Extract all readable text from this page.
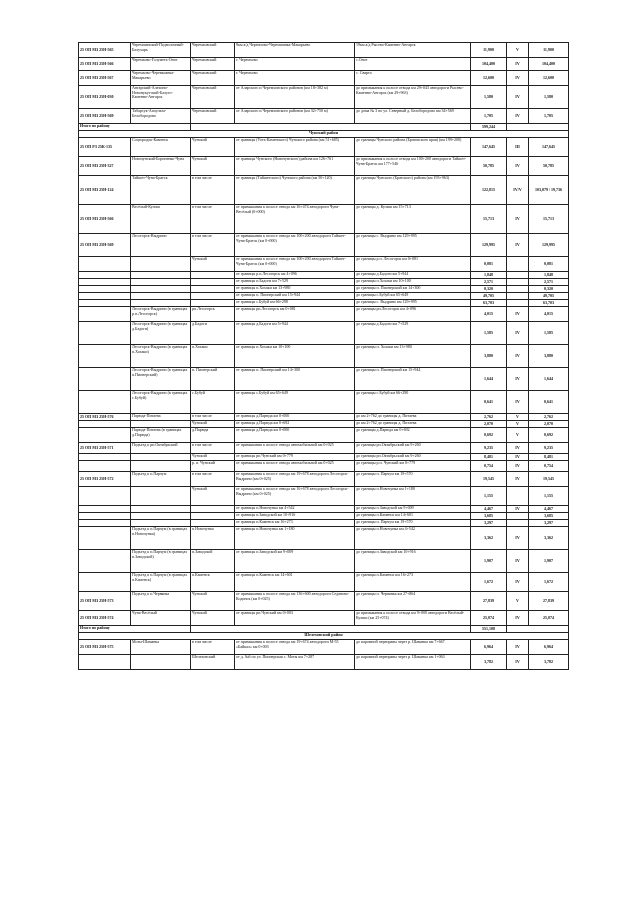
25 ОП МЗ 25Н-565	Черемшанский-Подволочный-Балухарь	Черемховский	9км а/д Черемхово-Черемшанка-Макарьево	19км а/д Рысево-Каменно-Ангарск	11,900	V	11,900
25 ОП МЗ 25Н-566	Черемхово-Голуметь-Онот	Черемховский	г. Черемхово	с.Онот	104,400	IV	104,400
25 ОП МЗ 25Н-567	Черемхово-Черемшанка-Макарьево	Черемховский	г. Черемхово	с. Сварто	12,600	IV	12,600
25 ОП МЗ 25Н-030	Ангарский-Алехино-Новонукутский-Балуго-Каменно-Ангарск	Черемховский	от Аларского и Черемховского районов (км 18+382 м)	до примыкания к полосе отвода км 29+043 автодороги Рысево-Каменно-Ангарск (км 29+963)	1,580	IV	1,580
25 ОП МЗ 25Н-569	Табарсук-Апхульта-Белобородово	Черемховский	от Аларского и Черемховского районов (км 32+750 м)	до дома № 3 по ул. Северный д. Белобородово км 34+569	1,705	IV	1,705
Итого по району					599,244		
Чунский район							
25 ОП РЗ 25К-135	Соцгородок-Каменск	Чунский	от границы (Уоть-Каменского) Чунского района (км 51+685)	до границы Чунского района (Братовского края) (км 199+200)	147,645	III	147,645
25 ОП МЗ 25Н-327	Новочунский-Бороненко-Чуна	Чунский	от границы Чунского (Новочунского) района км 126+761	до примыкания к полосе отвода км 100+200 автодороги Тайшет-Чуна-Братск км 177+546	50,785	IV	50,785
25 ОП МЗ 25Н-124	Тайшет-Чуна-Братск	в том числе	от границы (Тайшетского) Чунского района (км 50+120)	до границы Чунского (Братского) района (км 193+963)	122,815	IV/V	103,079 / 19,736
25 ОП МЗ 25Н-566	Весёлый-Кулиш	в том числе	от примыкания к полосе отвода км 16+474 автодороги Чуна-Весёлый (0+000)	до границы д. Кулиш км 15+713	15,713	IV	15,713
25 ОП МЗ 25Н-569	Лесогорск-Выдрино	в том числе	от примыкания к полосе отвода км 100+200 автодороги Тайшет-Чуна-Братск (км 0+000)	до границы с. Выдрино км 129+995	129,995	IV	129,995
		Чунский	от примыкания к полосе отвода км 100+200 автодороги Тайшет-Чуна-Братск (км 0+000)	до границы р.п. Лесогорск км 0+081	0,081		0,081
			от границы р.п.Лесогорск км 4+096	до границы д.Бадоги км 5+944	1,848		1,848
			от границы п.Бадоги км 7+529	до границы п.Хохаки км 10+100	2,571		2,571
			от границы п.Хохаки км 13+980	до границы п. Пионерский км 14+300	0,320		0,320
			от границы п. Пионерский км 15+944	до границы с.Бубуй км 65+649	49,705		49,705
			от границы с.Бубуй км 66+298	до границы с. Выдрино км 129+995	63,703		63,703
	Лесогорск-Выдрино (в границах р.п.Лесогорск)	рп.Лесогорск	от границы рп.Лесогорск км 0+081	до границы рп.Лесогорск км 4+096	4,015	IV	4,015
	Лесогорск-Выдрино (в границах д.Бадоги)	д.Бадоги	от границы д.Бадоги км 5+944	до границы д.Бадоги км 7+529	1,585	IV	1,585
	Лесогорск-Выдрино (в границах п.Хохаки)	п.Хохаки	от границы п.Хохаки км 10+100	до границы п. Хохаки км 13+980	3,880	IV	3,880
	Лесогорск-Выдрино (в границах п.Пионерский)	п. Пионерский	от границы п. Пионерский км 14+300	до границы п. Пионерский км 15+944	1,644	IV	1,644
	Лесогорск-Выдрино (в границах с.Бубуй)	с.Бубуй	от границы с.Бубуй км 65+649	до границы с.Бубуй км 66+290	0,641	IV	0,641
25 ОП МЗ 25Н-576	Парюда-Питаева	в том числе	от границы д.Парюда км 0+000	до км 2+762 до границы д. Питаева	2,762	V	2,762
		Чунский	от границы д.Парюда км 0+692	до км 2+762 до границы д. Питаева	2,070	V	2,070
	Парюда-Питаева (в границах д.Парюда)	д.Парюда	от границы д.Парюда км 0+000	до границы д.Парюда км 0+692	0,692	V	0,692
25 ОП МЗ 25Н-571	Подъезд к рп.Октябрьский	в том числе	от примыкания к полосе отвода автомобильной км 0+025	до границы рп.Октябрьский км 9+260	9,235	IV	9,235
		Чунский	от границы рп.Чунский км 0+779	до границы рп.Октябрьский км 9+260	8,481	IV	8,481
		р. п. Чунский	от примыкания к полосе отвода автомобильной км 0+025	до границы р.п. Чунский км 0+779	0,754	IV	0,754
25 ОП МЗ 25Н-572	Подъезд к п.Парчум	в том числе	от примыкания к полосе отвода км 19+678 автодороги Лесогорск-Выдрино (км 0+025)	до границы п. Парчум км 19+570	19,545	IV	19,545
		Чунский	от примыкания к полосе отвода км 16+678 автодороги Лесогорск-Выдрино (км 0+025)	до границы п.Новочунка км 1+180	1,155		1,155
			от границы п.Новочунка км 4+542	до границы п.Заводской км 9+009	4,467	IV	4,467
			от границы п.Заводской км 10+916	до границы п.Каменск км 14+601	3,685		3,685
			от границы п.Каменск км 16+273	до границы п. Парчум км 19+570	3,297		3,297
	Подъезд к п.Парчум (в границах п.Новочунка)	п.Новочунка	от границы п.Новочунка км 1+180	до границы п.Новочунка км 4+542	3,362	IV	3,362
	Подъезд к п.Парчум (в границах п.Заводской)	п.Заводской	от границы п.Заводской км 9+009	до границы п.Заводской км 10+916	1,907	IV	1,907
	Подъезд к п.Парчум (в границах п.Каменск)	п.Каменск	от границы п.Каменск км 14+601	до границы п.Каменск км 16+273	1,672	IV	1,672
25 ОП МЗ 25Н-573	Подъезд к п.Червянка	Чунский	от примыкания к полосе отвода км 136+600 автодороги Седаново-Кодинск (км 0+025)	до границы п. Червянка км 27+864	27,839	V	27,839
25 ОП МЗ 25Н-574	Чуна-Весёлый	Чунский	от границы рп.Чунский км 0+003	до примыкания к полосе отвода км 9+000 автодороги Весёлый-Кулиш (км 25+074)	25,074	IV	25,074
Итого по району					551,108		
Шелеховский район							
25 ОП МЗ 25Н-575	Моты-Шаманка	в том числе	от примыкания к полосе отвода км 19+674 автодороги М-55 «Байкал» км 0+003	до паромной переправы через р. Шаманка км 7+667	6,964	IV	6,964
		Шелеховский	от д. №6 по ул. Пионерская с. Моты км 7+287	до паромной переправы через р. Шаманка км 1+063	3,782	IV	3,782
